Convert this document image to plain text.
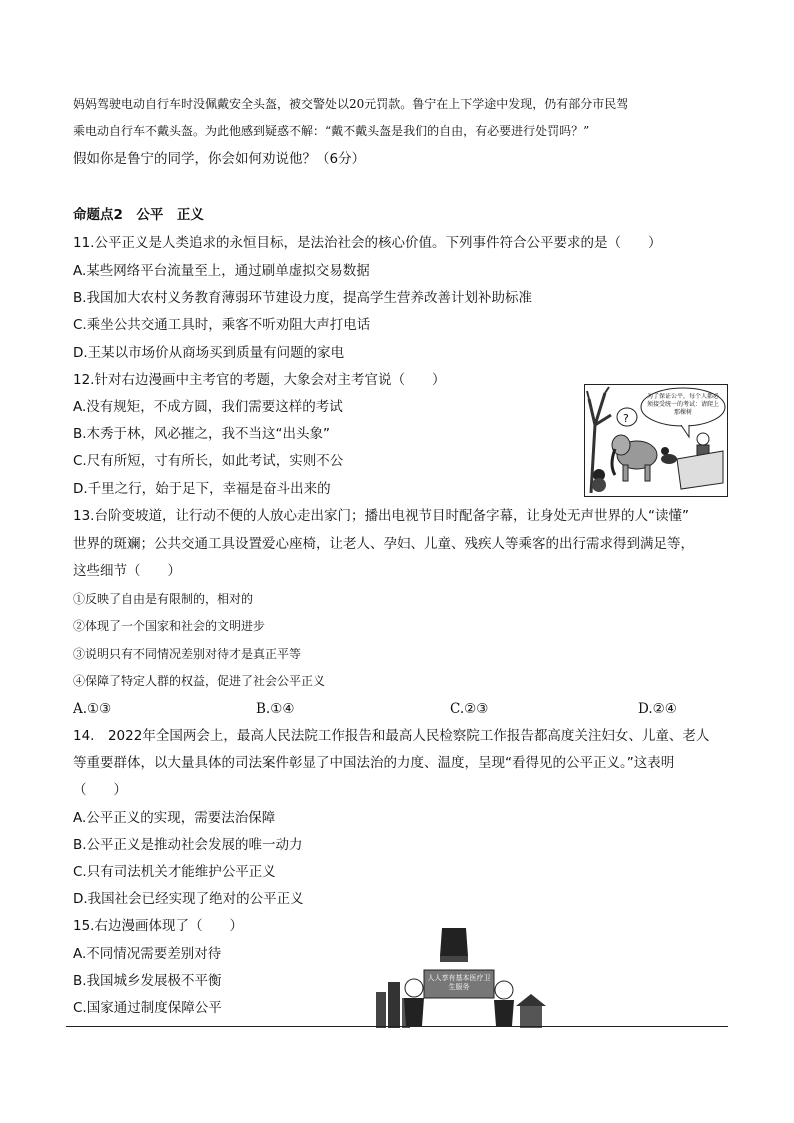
妈妈驾驶电动自行车时没佩戴安全头盔，被交警处以20元罚款。鲁宁在上下学途中发现，仍有部分市民驾
乘电动自行车不戴头盔。为此他感到疑惑不解：“戴不戴头盔是我们的自由，有必要进行处罚吗？”
假如你是鲁宁的同学，你会如何劝说他？（6分）
命题点2　公平　正义
11.公平正义是人类追求的永恒目标，是法治社会的核心价值。下列事件符合公平要求的是（　　）
A.某些网络平台流量至上，通过刷单虚拟交易数据
B.我国加大农村义务教育薄弱环节建设力度，提高学生营养改善计划补助标准
C.乘坐公共交通工具时，乘客不听劝阻大声打电话
D.王某以市场价从商场买到质量有问题的家电
12.针对右边漫画中主考官的考题，大象会对主考官说（　　）
A.没有规矩，不成方圆，我们需要这样的考试
B.木秀于林，风必摧之，我不当这“出头象”
C.尺有所短，寸有所长，如此考试，实则不公
D.千里之行，始于足下，幸福是奋斗出来的
为了保证公平，每个人都必须接受统一的考试：请爬上那棵树
?
13.台阶变坡道，让行动不便的人放心走出家门；播出电视节目时配备字幕，让身处无声世界的人“读懂”
世界的斑斓；公共交通工具设置爱心座椅，让老人、孕妇、儿童、残疾人等乘客的出行需求得到满足等，
这些细节（　　）
①反映了自由是有限制的，相对的
②体现了一个国家和社会的文明进步
③说明只有不同情况差别对待才是真正平等
④保障了特定人群的权益，促进了社会公平正义
A.①③	B.①④	C.②③	D.②④
14.　2022年全国两会上，最高人民法院工作报告和最高人民检察院工作报告都高度关注妇女、儿童、老人
等重要群体，以大量具体的司法案件彰显了中国法治的力度、温度，呈现“看得见的公平正义。”这表明
（　　）
A.公平正义的实现，需要法治保障
B.公平正义是推动社会发展的唯一动力
C.只有司法机关才能维护公平正义
D.我国社会已经实现了绝对的公平正义
15.右边漫画体现了（　　）
A.不同情况需要差别对待
B.我国城乡发展极不平衡
C.国家通过制度保障公平
人人享有基本医疗卫生服务
